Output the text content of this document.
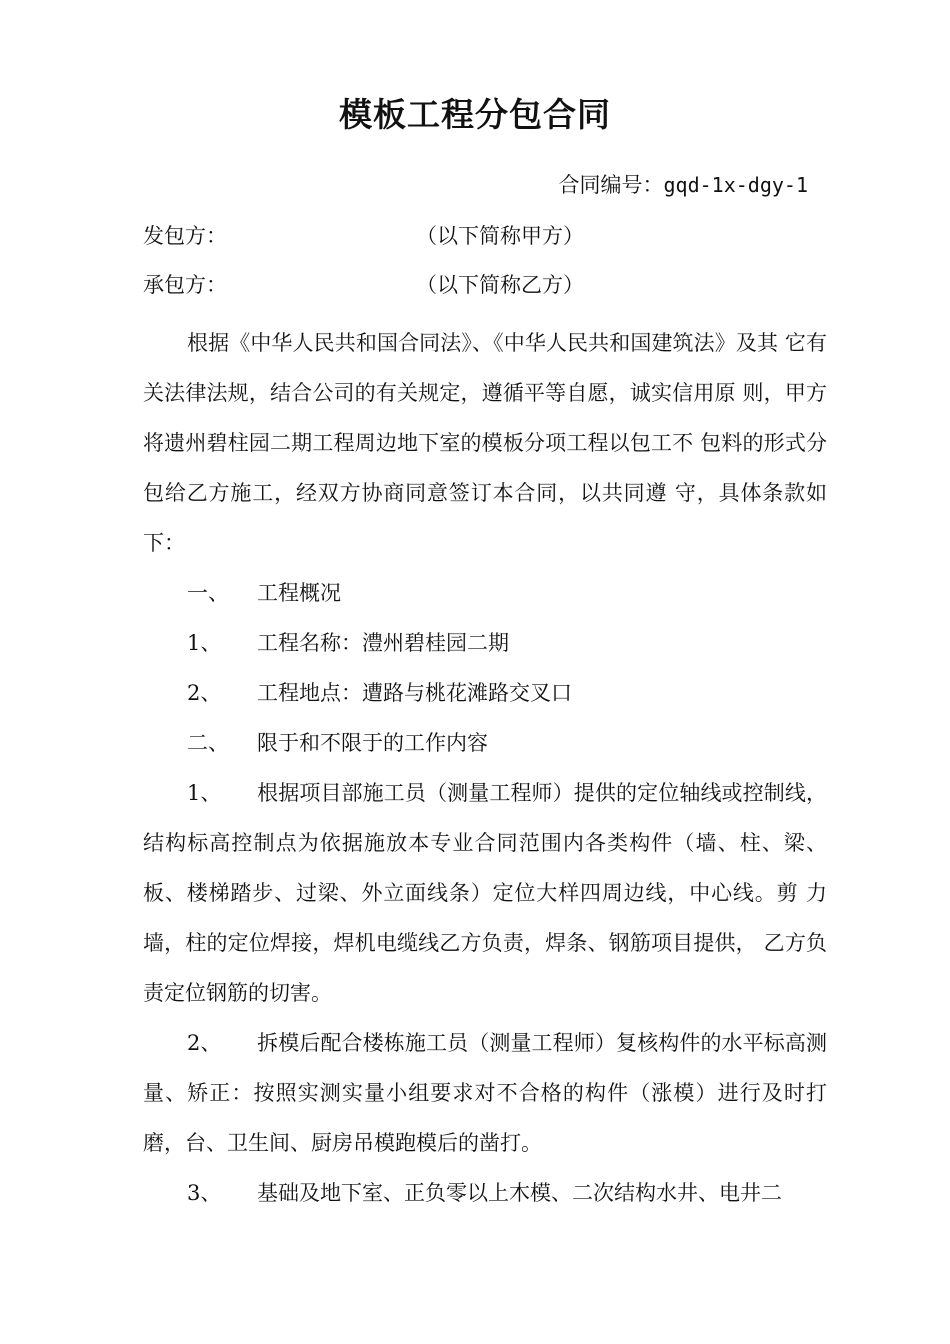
模板工程分包合同
合同编号：gqd-1x-dgy-1
发包方：	（以下简称甲方）
承包方：	（以下简称乙方）

根据《中华人民共和国合同法》、《中华人民共和国建筑法》及其 它有关法律法规，结合公司的有关规定，遵循平等自愿，诚实信用原 则，甲方将遗州碧柱园二期工程周边地下室的模板分项工程以包工不 包料的形式分包给乙方施工，经双方协商同意签订本合同，以共同遵 守，具体条款如下：

一、 工程概况

1、 工程名称：澧州碧桂园二期

2、 工程地点：遭路与桃花滩路交叉口

二、 限于和不限于的工作内容

1、 根据项目部施工员（测量工程师）提供的定位轴线或控制线， 结构标高控制点为依据施放本专业合同范围内各类构件（墙、柱、梁、 板、楼梯踏步、过梁、外立面线条）定位大样四周边线，中心线。剪 力墙，柱的定位焊接，焊机电缆线乙方负责，焊条、钢筋项目提供， 乙方负责定位钢筋的切害。

2、 拆模后配合楼栋施工员（测量工程师）复核构件的水平标高测 量、矫正：按照实测实量小组要求对不合格的构件（涨模）进行及时打 磨，台、卫生间、厨房吊模跑模后的凿打。

3、 基础及地下室、正负零以上木模、二次结构水井、电井二
